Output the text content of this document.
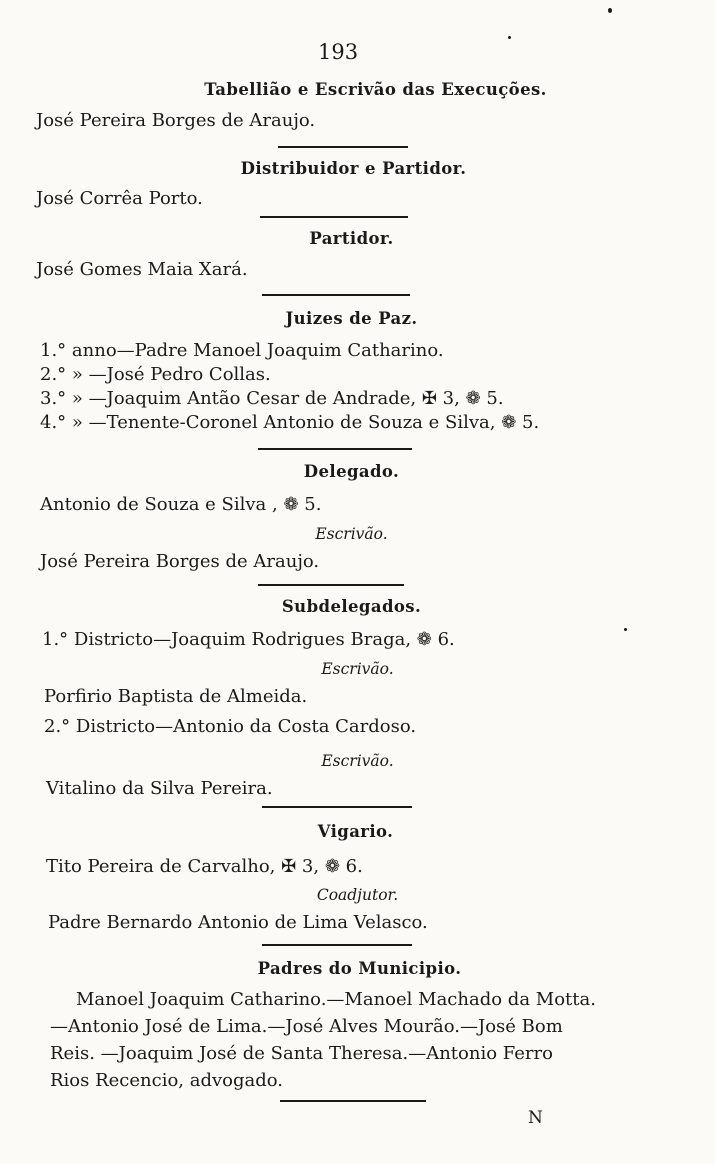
193
Tabellião e Escrivão das Execuções.
José Pereira Borges de Araujo.
Distribuidor e Partidor.
José Corrêa Porto.
Partidor.
José Gomes Maia Xará.
Juizes de Paz.
1.° anno—Padre Manoel Joaquim Catharino.
2.° » —José Pedro Collas.
3.° » —Joaquim Antão Cesar de Andrade, ✠ 3, ❁ 5.
4.° » —Tenente-Coronel Antonio de Souza e Silva, ❁ 5.
Delegado.
Antonio de Souza e Silva , ❁ 5.
Escrivão.
José Pereira Borges de Araujo.
Subdelegados.
1.° Districto—Joaquim Rodrigues Braga, ❁ 6.
Escrivão.
Porfirio Baptista de Almeida.
2.° Districto—Antonio da Costa Cardoso.
Escrivão.
Vitalino da Silva Pereira.
Vigario.
Tito Pereira de Carvalho, ✠ 3, ❁ 6.
Coadjutor.
Padre Bernardo Antonio de Lima Velasco.
Padres do Municipio.
Manoel Joaquim Catharino.—Manoel Machado da Motta.
—Antonio José de Lima.—José Alves Mourão.—José Bom
Reis. —Joaquim José de Santa Theresa.—Antonio Ferro
Rios Recencio, advogado.
N
